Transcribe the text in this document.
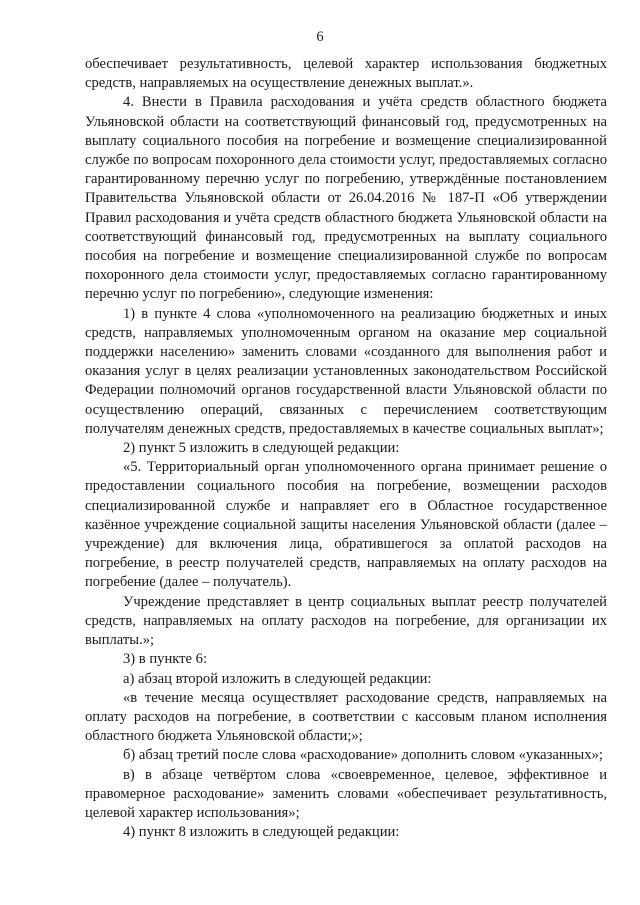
6

обеспечивает результативность, целевой характер использования бюджетных средств, направляемых на осуществление денежных выплат.».

4. Внести в Правила расходования и учёта средств областного бюджета Ульяновской области на соответствующий финансовый год, предусмотренных на выплату социального пособия на погребение и возмещение специализированной службе по вопросам похоронного дела стоимости услуг, предоставляемых согласно гарантированному перечню услуг по погребению, утверждённые постановлением Правительства Ульяновской области от 26.04.2016 № 187-П «Об утверждении Правил расходования и учёта средств областного бюджета Ульяновской области на соответствующий финансовый год, предусмотренных на выплату социального пособия на погребение и возмещение специализированной службе по вопросам похоронного дела стоимости услуг, предоставляемых согласно гарантированному перечню услуг по погребению», следующие изменения:

1) в пункте 4 слова «уполномоченного на реализацию бюджетных и иных средств, направляемых уполномоченным органом на оказание мер социальной поддержки населению» заменить словами «созданного для выполнения работ и оказания услуг в целях реализации установленных законодательством Российской Федерации полномочий органов государственной власти Ульяновской области по осуществлению операций, связанных с перечислением соответствующим получателям денежных средств, предоставляемых в качестве социальных выплат»;

2) пункт 5 изложить в следующей редакции:

«5. Территориальный орган уполномоченного органа принимает решение о предоставлении социального пособия на погребение, возмещении расходов специализированной службе и направляет его в Областное государственное казённое учреждение социальной защиты населения Ульяновской области (далее – учреждение) для включения лица, обратившегося за оплатой расходов на погребение, в реестр получателей средств, направляемых на оплату расходов на погребение (далее – получатель).

Учреждение представляет в центр социальных выплат реестр получателей средств, направляемых на оплату расходов на погребение, для организации их выплаты.»;

3) в пункте 6:

а) абзац второй изложить в следующей редакции:

«в течение месяца осуществляет расходование средств, направляемых на оплату расходов на погребение, в соответствии с кассовым планом исполнения областного бюджета Ульяновской области;»;

б) абзац третий после слова «расходование» дополнить словом «указанных»;

в) в абзаце четвёртом слова «своевременное, целевое, эффективное и правомерное расходование» заменить словами «обеспечивает результативность, целевой характер использования»;

4) пункт 8 изложить в следующей редакции:
